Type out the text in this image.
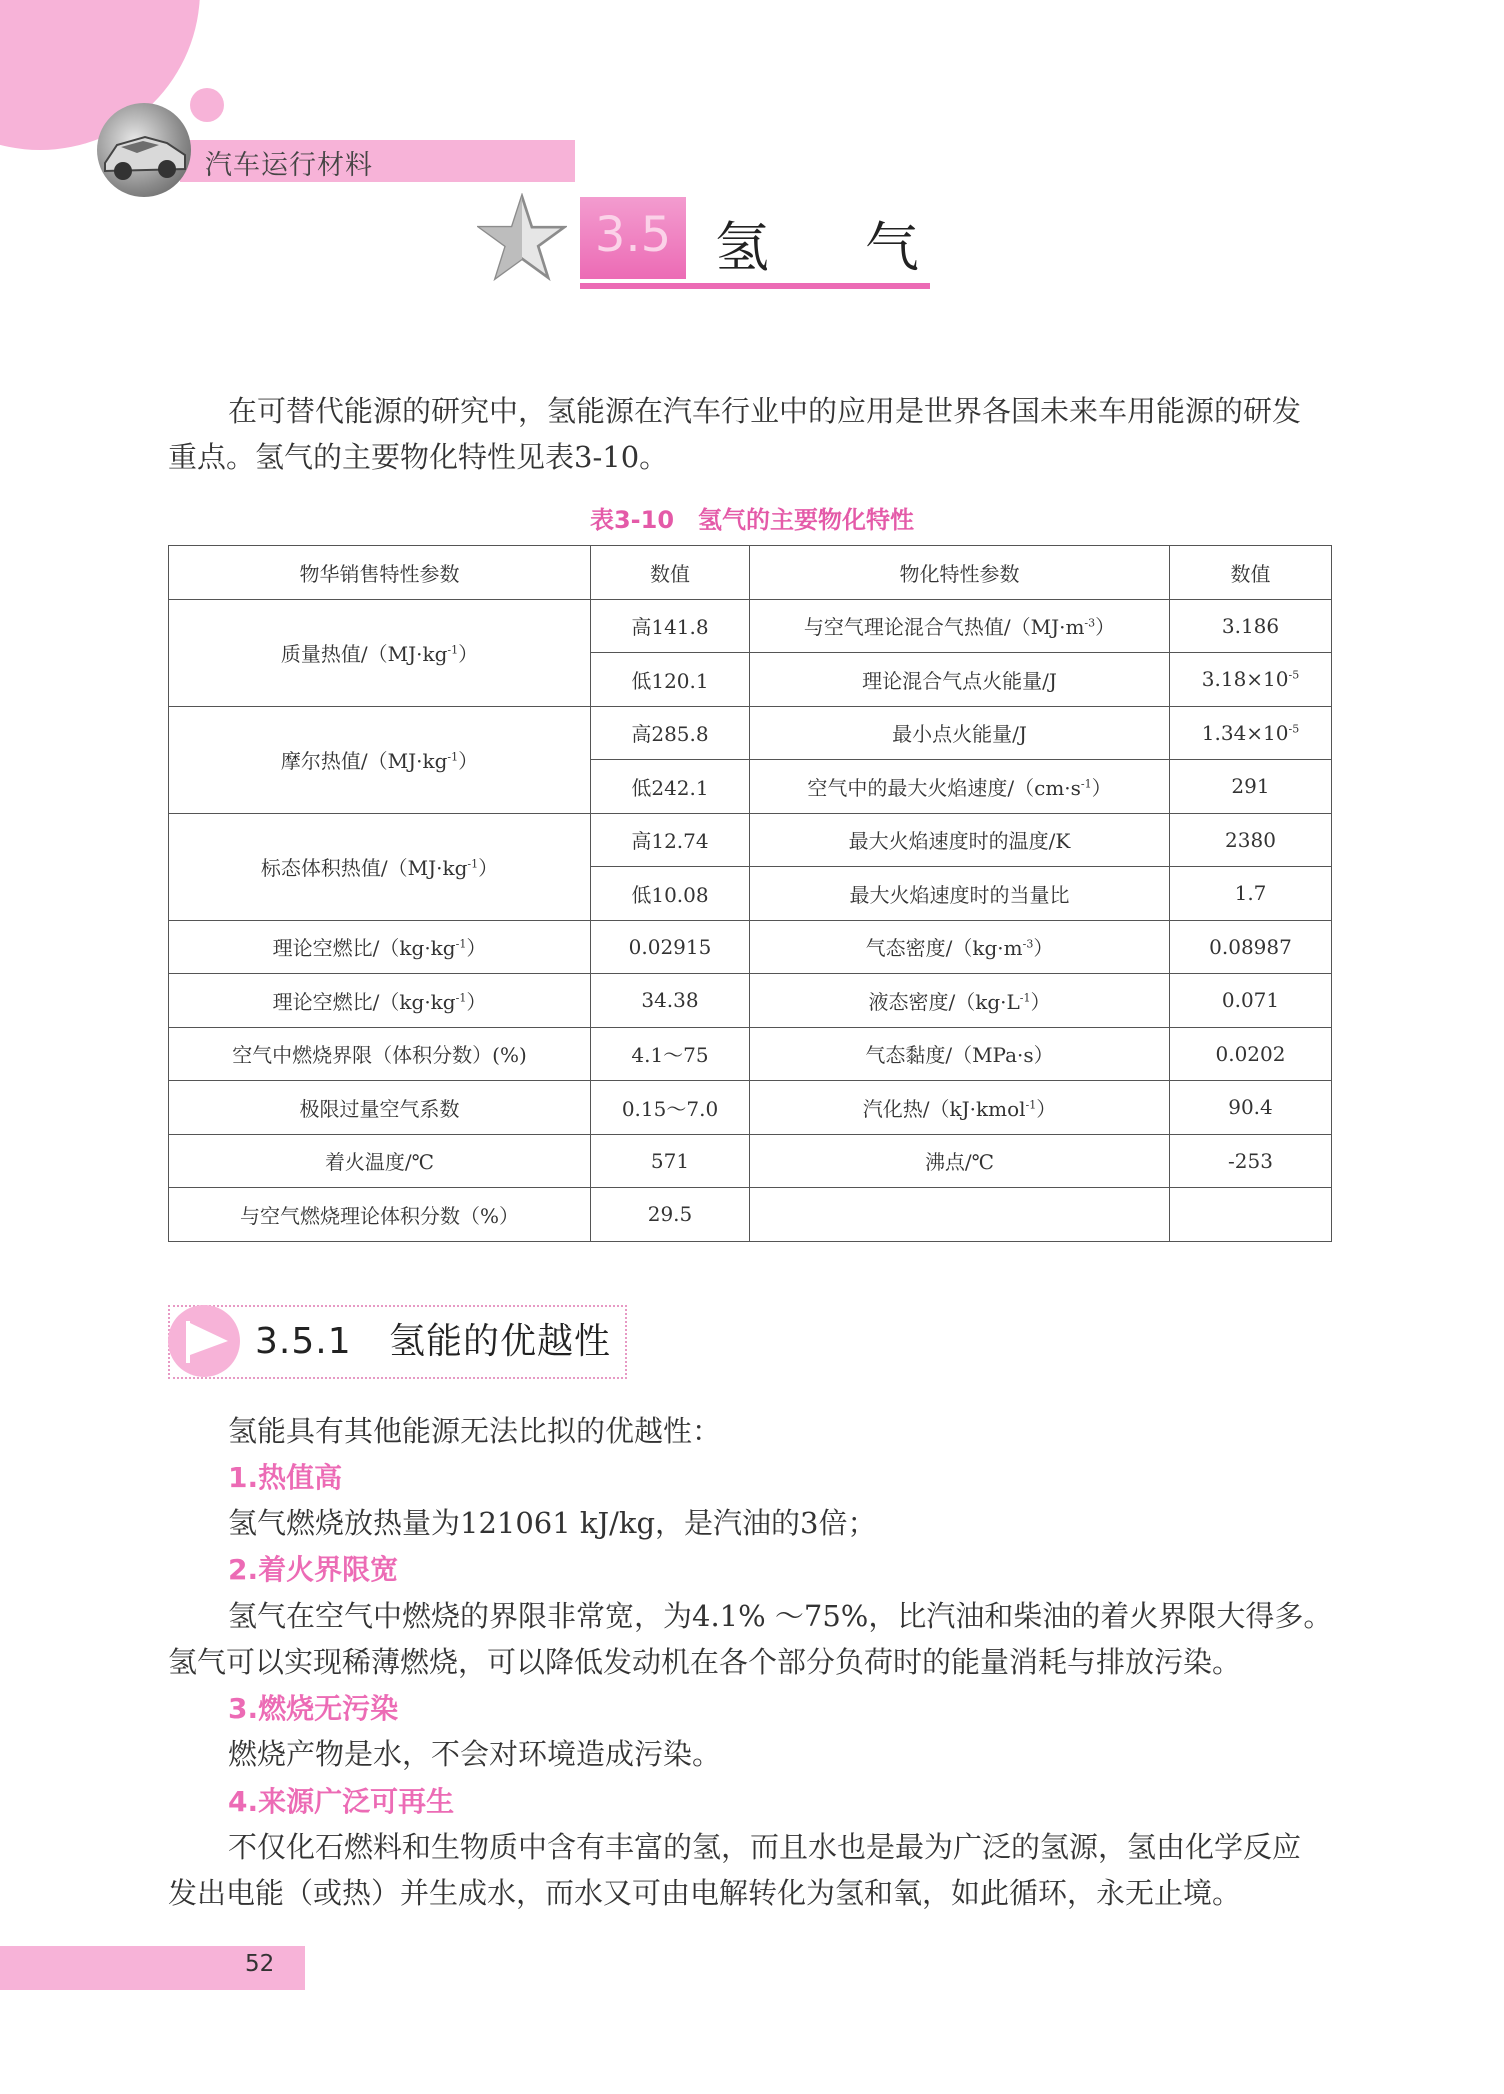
汽车运行材料
3.5 氢气
在可替代能源的研究中，氢能源在汽车行业中的应用是世界各国未来车用能源的研发
重点。氢气的主要物化特性见表3-10。
表3-10　氢气的主要物化特性
物华销售特性参数	数值	物化特性参数	数值
质量热值$/(MJ\cdot kg^{-1})$	高141.8	与空气理论混合气热值$/(MJ\cdot m^{-3})$	3.186
	低120.1	理论混合气点火能量/J	$3.18\times 10^{-5}$
摩尔热值$/(MJ\cdot kg^{-1})$	高285.8	最小点火能量/J	$1.34\times 10^{-5}$
	低242.1	空气中的最大火焰速度$/(cm\cdot s^{-1})$	291
标态体积热值$/(MJ\cdot kg^{-1})$	高12.74	最大火焰速度时的温度/K	2380
	低10.08	最大火焰速度时的当量比	1.7
理论空燃比$/(kg\cdot kg^{-1})$	0.02915	气态密度$/(kg\cdot m^{-3})$	0.08987
理论空燃比$/(kg\cdot kg^{-1})$	34.38	液态密度$/(kg\cdot L^{-1})$	0.071
空气中燃烧界限（体积分数）(%)	4.1～75	气态黏度/（MPa·s）	0.0202
极限过量空气系数	0.15～7.0	汽化热/（kJ·kmol$^{-1}$）	90.4
着火温度/℃	571	沸点/℃	-253
与空气燃烧理论体积分数（%）	29.5		
3.5.1 氢能的优越性
氢能具有其他能源无法比拟的优越性：
1.热值高
氢气燃烧放热量为121061 kJ/kg，是汽油的3倍；
2.着火界限宽
氢气在空气中燃烧的界限非常宽，为4.1% ～75%，比汽油和柴油的着火界限大得多。
氢气可以实现稀薄燃烧，可以降低发动机在各个部分负荷时的能量消耗与排放污染。
3.燃烧无污染
燃烧产物是水，不会对环境造成污染。
4.来源广泛可再生
不仅化石燃料和生物质中含有丰富的氢，而且水也是最为广泛的氢源，氢由化学反应
发出电能（或热）并生成水，而水又可由电解转化为氢和氧，如此循环，永无止境。
52
